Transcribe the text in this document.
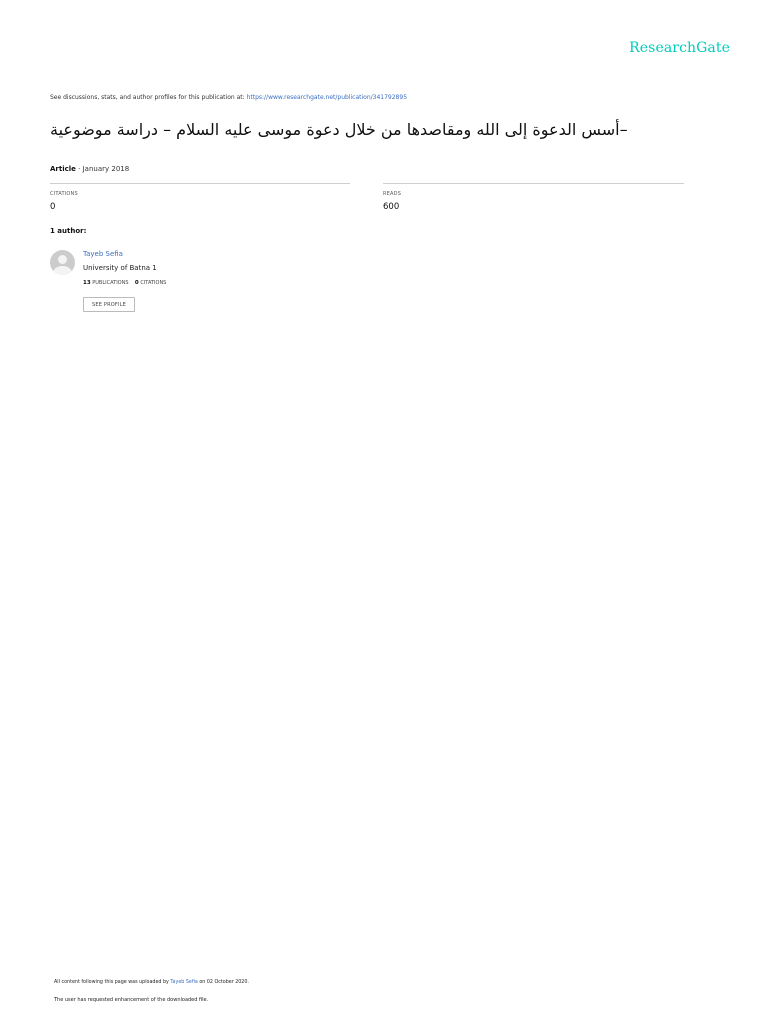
ResearchGate
See discussions, stats, and author profiles for this publication at: https://www.researchgate.net/publication/341792895
–أسس الدعوة إلى الله ومقاصدها من خلال دعوة موسى عليه السلام – دراسة موضوعية
Article · January 2018
CITATIONS
0
READS
600
1 author:
Tayeb Sefia
University of Batna 1
13 PUBLICATIONS 0 CITATIONS
SEE PROFILE
All content following this page was uploaded by Tayeb Sefia on 02 October 2020.
The user has requested enhancement of the downloaded file.
